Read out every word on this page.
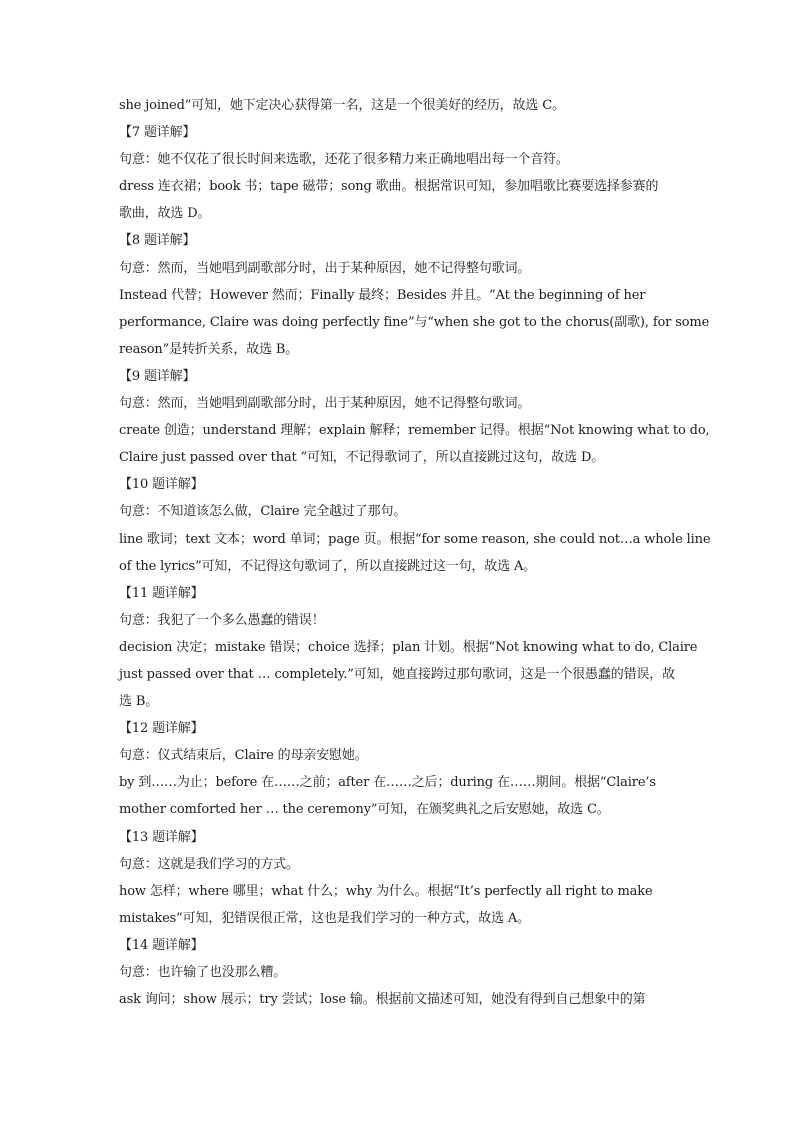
she joined”可知，她下定决心获得第一名，这是一个很美好的经历，故选 C。
【7 题详解】
句意：她不仅花了很长时间来选歌，还花了很多精力来正确地唱出每一个音符。
dress 连衣裙；book 书；tape 磁带；song 歌曲。根据常识可知，参加唱歌比赛要选择参赛的
歌曲，故选 D。
【8 题详解】
句意：然而，当她唱到副歌部分时，出于某种原因，她不记得整句歌词。
Instead 代替；However 然而；Finally 最终；Besides 并且。“At the beginning of her
performance, Claire was doing perfectly fine”与“when she got to the chorus(副歌), for some
reason”是转折关系，故选 B。
【9 题详解】
句意：然而，当她唱到副歌部分时，出于某种原因，她不记得整句歌词。
create 创造；understand 理解；explain 解释；remember 记得。根据“Not knowing what to do,
Claire just passed over that ”可知，不记得歌词了，所以直接跳过这句，故选 D。
【10 题详解】
句意：不知道该怎么做，Claire 完全越过了那句。
line 歌词；text 文本；word 单词；page 页。根据“for some reason, she could not…a whole line
of the lyrics”可知，不记得这句歌词了，所以直接跳过这一句，故选 A。
【11 题详解】
句意：我犯了一个多么愚蠢的错误！
decision 决定；mistake 错误；choice 选择；plan 计划。根据“Not knowing what to do, Claire
just passed over that … completely.”可知，她直接跨过那句歌词，这是一个很愚蠢的错误，故
选 B。
【12 题详解】
句意：仪式结束后，Claire 的母亲安慰她。
by 到……为止；before 在……之前；after 在……之后；during 在……期间。根据“Claire’s
mother comforted her … the ceremony”可知，在颁奖典礼之后安慰她，故选 C。
【13 题详解】
句意：这就是我们学习的方式。
how 怎样；where 哪里；what 什么；why 为什么。根据“It’s perfectly all right to make
mistakes”可知，犯错误很正常，这也是我们学习的一种方式，故选 A。
【14 题详解】
句意：也许输了也没那么糟。
ask 询问；show 展示；try 尝试；lose 输。根据前文描述可知，她没有得到自己想象中的第
